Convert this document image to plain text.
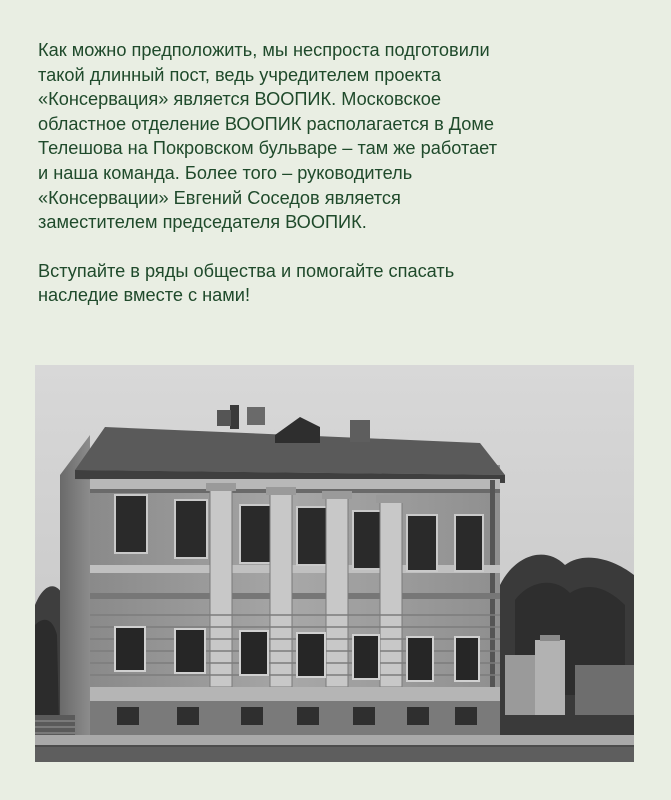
Как можно предположить, мы неспроста подготовили
такой длинный пост, ведь учредителем проекта
«Консервация» является ВООПИК. Московское
областное отделение ВООПИК располагается в Доме
Телешова на Покровском бульваре – там же работает
и наша команда. Более того – руководитель
«Консервации» Евгений Соседов является
заместителем председателя ВООПИК.

Вступайте в ряды общества и помогайте спасать
наследие вместе с нами!
